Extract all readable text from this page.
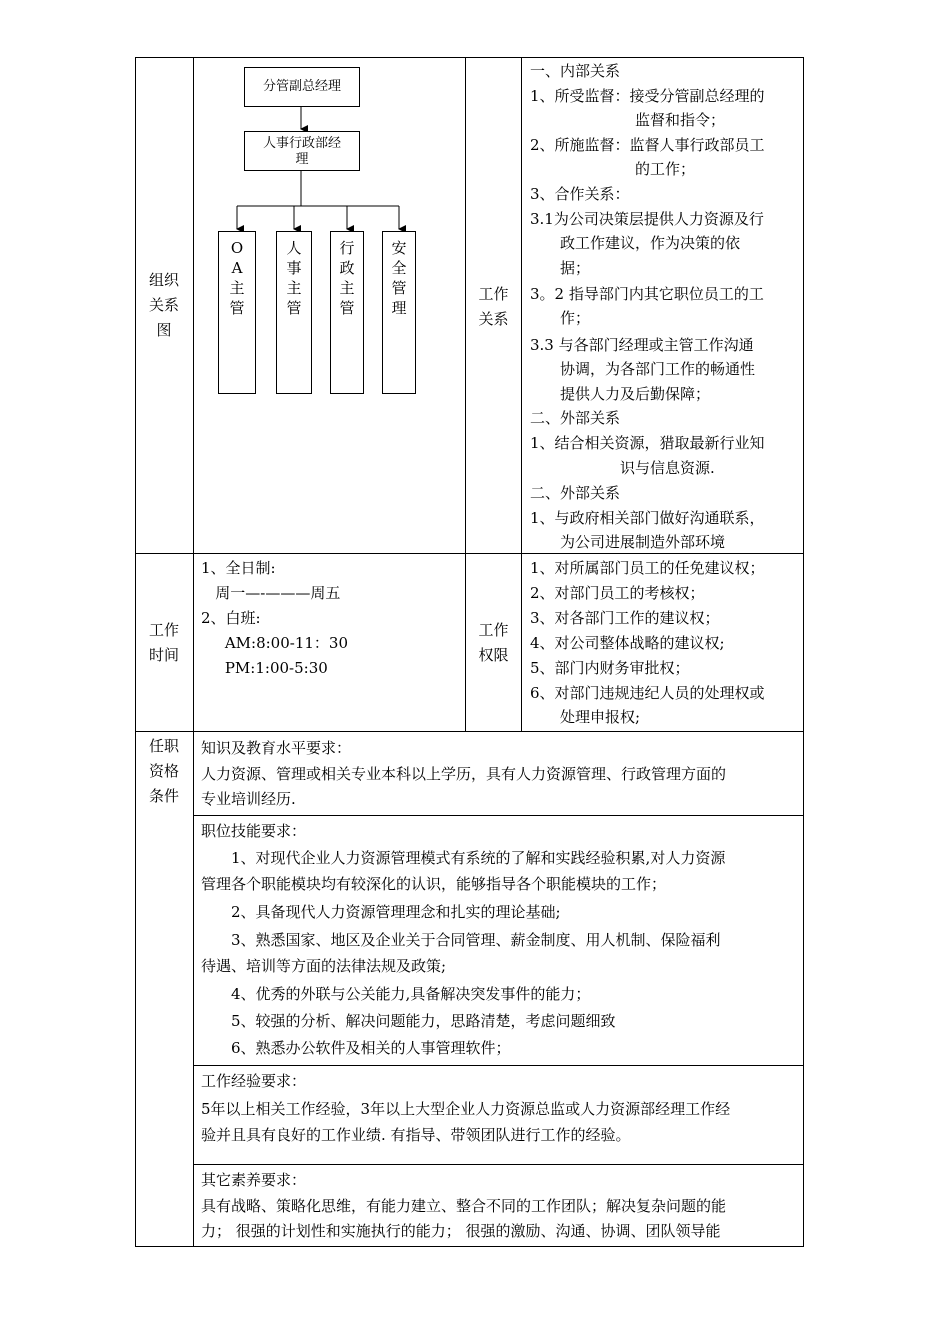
组织
关系
图
工作
关系
工作
时间
工作
权限
任职
资格
条件
分管副总经理
人事行政部经
理
O
A
主
管
人
事
主
管
行
政
主
管
安
全
管
理
一、内部关系
1、所受监督：接受分管副总经理的
　　　　　　　监督和指令；
2、所施监督：监督人事行政部员工
　　　　　　　的工作；
3、合作关系：
3.1为公司决策层提供人力资源及行
　　政工作建议，作为决策的依
　　据；
3。2 指导部门内其它职位员工的工
　　作；
3.3 与各部门经理或主管工作沟通
　　协调，为各部门工作的畅通性
　　提供人力及后勤保障；
二、外部关系
1、结合相关资源，猎取最新行业知
　　　　　　识与信息资源.
二、外部关系
1、与政府相关部门做好沟通联系，
　　为公司进展制造外部环境
1、全日制:
周一—-———周五
2、白班:
AM:8:00-11：30
PM:1:00-5:30
1、对所属部门员工的任免建议权；
2、对部门员工的考核权；
3、对各部门工作的建议权；
4、对公司整体战略的建议权;
5、部门内财务审批权；
6、对部门违规违纪人员的处理权或
　　处理申报权;
知识及教育水平要求：
人力资源、管理或相关专业本科以上学历，具有人力资源管理、行政管理方面的
专业培训经历.
职位技能要求：
　　1、对现代企业人力资源管理模式有系统的了解和实践经验积累,对人力资源
管理各个职能模块均有较深化的认识，能够指导各个职能模块的工作；
　　2、具备现代人力资源管理理念和扎实的理论基础;
　　3、熟悉国家、地区及企业关于合同管理、薪金制度、用人机制、保险福利
待遇、培训等方面的法律法规及政策;
　　4、优秀的外联与公关能力,具备解决突发事件的能力；
　　5、较强的分析、解决问题能力，思路清楚，考虑问题细致
　　6、熟悉办公软件及相关的人事管理软件；
工作经验要求：
5年以上相关工作经验，3年以上大型企业人力资源总监或人力资源部经理工作经
验并且具有良好的工作业绩. 有指导、带领团队进行工作的经验。
其它素养要求：
具有战略、策略化思维，有能力建立、整合不同的工作团队；解决复杂问题的能
力； 很强的计划性和实施执行的能力； 很强的激励、沟通、协调、团队领导能
